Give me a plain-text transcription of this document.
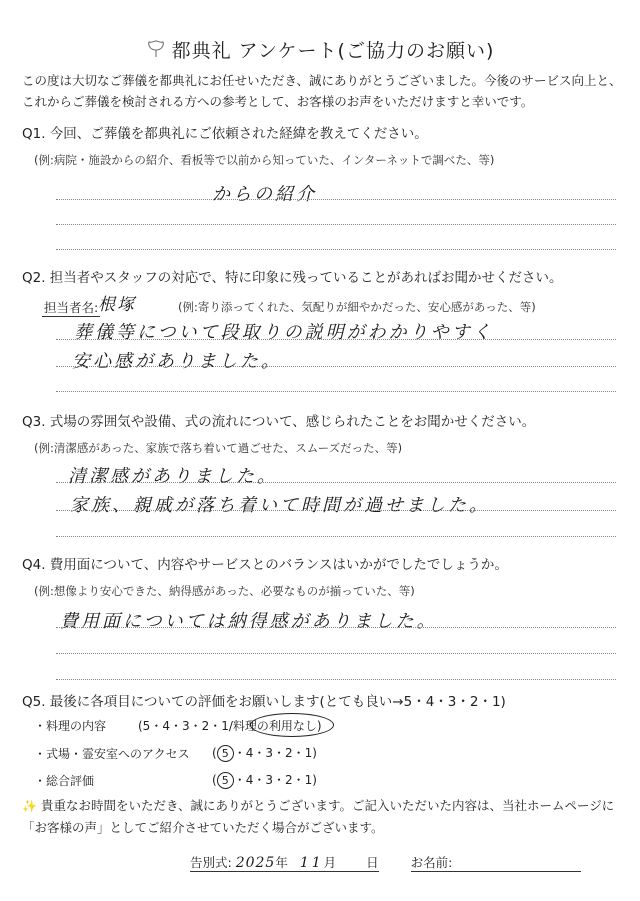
都典礼 アンケート(ご協力のお願い)
この度は大切なご葬儀を都典礼にお任せいただき、誠にありがとうございました。今後のサービス向上と、これからご葬儀を検討される方への参考として、お客様のお声をいただけますと幸いです。
Q1. 今回、ご葬儀を都典礼にご依頼された経緯を教えてください。
(例:病院・施設からの紹介、看板等で以前から知っていた、インターネットで調べた、等)
からの紹介
Q2. 担当者やスタッフの対応で、特に印象に残っていることがあればお聞かせください。
担当者名: 根塚	(例:寄り添ってくれた、気配りが細やかだった、安心感があった、等)
葬儀等について段取りの説明がわかりやすく
安心感がありました。
Q3. 式場の雰囲気や設備、式の流れについて、感じられたことをお聞かせください。
(例:清潔感があった、家族で落ち着いて過ごせた、スムーズだった、等)
清潔感がありました。
家族、親戚が落ち着いて時間が過せました。
Q4. 費用面について、内容やサービスとのバランスはいかがでしたでしょうか。
(例:想像より安心できた、納得感があった、必要なものが揃っていた、等)
費用面については納得感がありました。
Q5. 最後に各項目についての評価をお願いします(とても良い→5・4・3・2・1)
・料理の内容	(5・4・3・2・1/料理の利用なし)
・式場・霊安室へのアクセス ( 5 ・4・3・2・1)
・総合評価	( 5 ・4・3・2・1)
✨ 貴重なお時間をいただき、誠にありがとうございます。ご記入いただいた内容は、当社ホームページに「お客様の声」としてご紹介させていただく場合がございます。
告別式: 2025年 11月 日	お名前:
